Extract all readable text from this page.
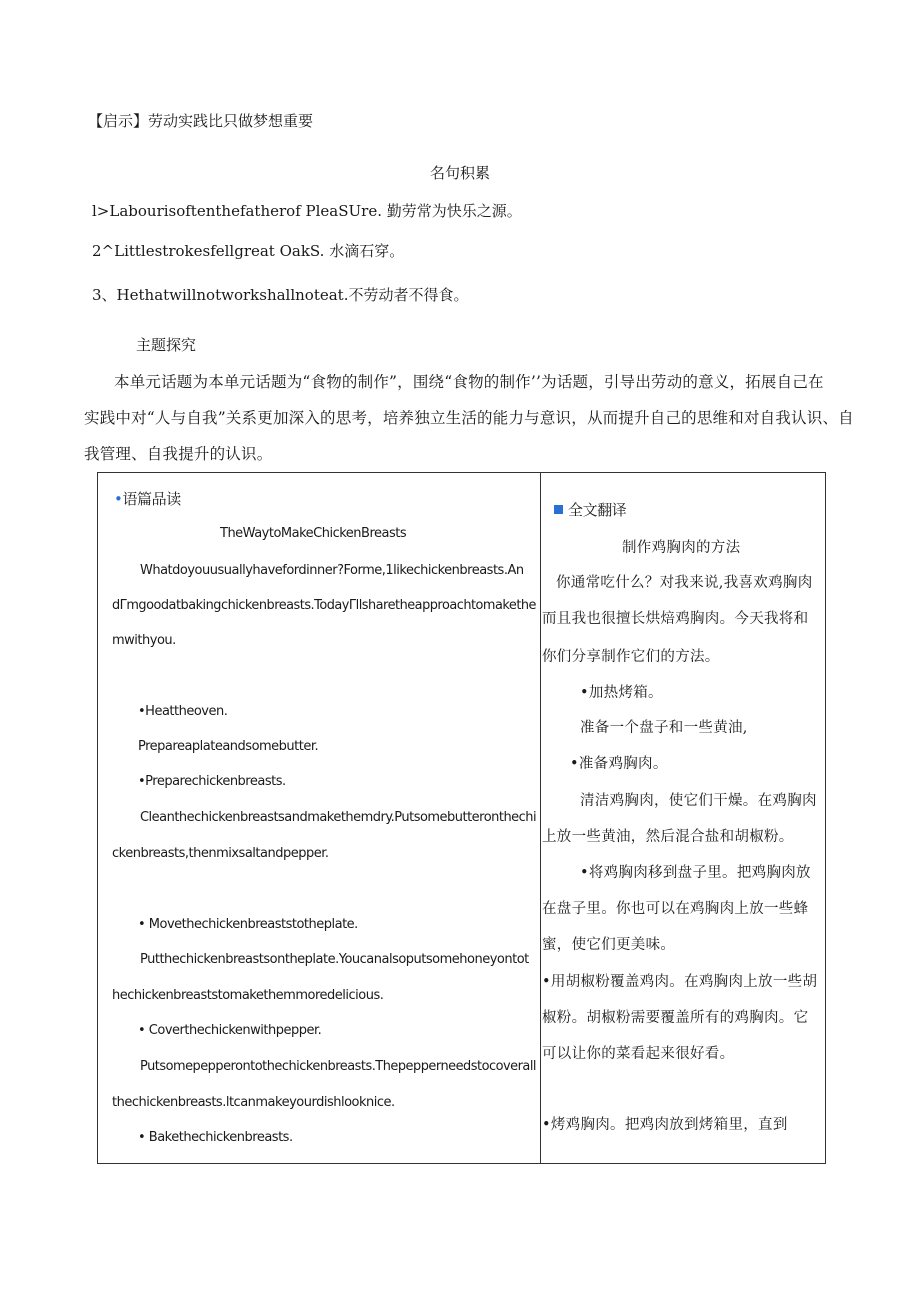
【启示】劳动实践比只做梦想重要
名句积累
l>Labourisoftenthefatherof PleaSUre. 勤劳常为快乐之源。
2^Littlestrokesfellgreat OakS. 水滴石穿。
3、Hethatwillnotworkshallnoteat.不劳动者不得食。
主题探究
本单元话题为本单元话题为“食物的制作”，围绕“食物的制作’’为话题，引导出劳动的意义，拓展自己在
实践中对“人与自我”关系更加深入的思考，培养独立生活的能力与意识，从而提升自己的思维和对自我认识、自
我管理、自我提升的认识。
•语篇品读
TheWaytoMakeChickenBreasts
Whatdoyouusuallyhavefordinner?Forme,1likechickenbreasts.An
dΓmgoodatbakingchickenbreasts.TodayΓllsharetheapproachtomakethe
mwithyou.
•Heattheoven.
Prepareaplateandsomebutter.
•Preparechickenbreasts.
Cleanthechickenbreastsandmakethemdry.Putsomebutteronthechi
ckenbreasts,thenmixsaltandpepper.
• Movethechickenbreaststotheplate.
Putthechickenbreastsontheplate.Youcanalsoputsomehoneyontot
hechickenbreaststomakethemmoredelicious.
• Coverthechickenwithpepper.
Putsomepepperontothechickenbreasts.Thepepperneedstocoverall
thechickenbreasts.ltcanmakeyourdishlooknice.
• Bakethechickenbreasts.
全文翻译
制作鸡胸肉的方法
你通常吃什么？对我来说,我喜欢鸡胸肉
而且我也很擅长烘焙鸡胸肉。今天我将和
你们分享制作它们的方法。
•加热烤箱。
准备一个盘子和一些黄油,
•准备鸡胸肉。
清洁鸡胸肉，使它们干燥。在鸡胸肉
上放一些黄油，然后混合盐和胡椒粉。
•将鸡胸肉移到盘子里。把鸡胸肉放
在盘子里。你也可以在鸡胸肉上放一些蜂
蜜，使它们更美味。
•用胡椒粉覆盖鸡肉。在鸡胸肉上放一些胡
椒粉。胡椒粉需要覆盖所有的鸡胸肉。它
可以让你的菜看起来很好看。
•烤鸡胸肉。把鸡肉放到烤箱里，直到
